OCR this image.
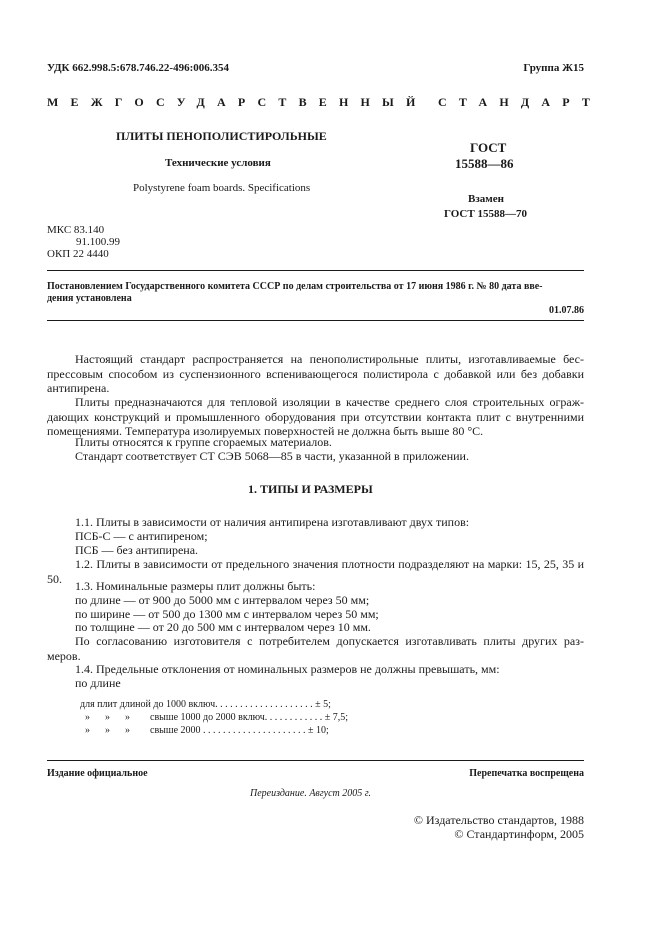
УДК 662.998.5:678.746.22-496:006.354	Группа Ж15
МЕЖГОСУДАРСТВЕННЫЙ СТАНДАРТ
ПЛИТЫ ПЕНОПОЛИСТИРОЛЬНЫЕ
Технические условия
Polystyrene foam boards. Specifications
ГОСТ
15588—86
Взамен
ГОСТ 15588—70
МКС 83.140
91.100.99
ОКП 22 4440
Постановлением Государственного комитета СССР по делам строительства от 17 июня 1986 г. № 80 дата вве-
дения установлена
01.07.86
Настоящий стандарт распространяется на пенополистирольные плиты, изготавливаемые бес-прессовым способом из суспензионного вспенивающегося полистирола с добавкой или без добавки антипирена.
Плиты предназначаются для тепловой изоляции в качестве среднего слоя строительных ограж-дающих конструкций и промышленного оборудования при отсутствии контакта плит с внутренними помещениями. Температура изолируемых поверхностей не должна быть выше 80 °С.
Плиты относятся к группе сгораемых материалов.
Стандарт соответствует СТ СЭВ 5068—85 в части, указанной в приложении.
1. ТИПЫ И РАЗМЕРЫ
1.1. Плиты в зависимости от наличия антипирена изготавливают двух типов:
ПСБ-С — с антипиреном;
ПСБ — без антипирена.
1.2. Плиты в зависимости от предельного значения плотности подразделяют на марки: 15, 25, 35 и 50.
1.3. Номинальные размеры плит должны быть:
по длине — от 900 до 5000 мм с интервалом через 50 мм;
по ширине — от 500 до 1300 мм с интервалом через 50 мм;
по толщине — от 20 до 500 мм с интервалом через 10 мм.
По согласованию изготовителя с потребителем допускается изготавливать плиты других раз-меров.
1.4. Предельные отклонения от номинальных размеров не должны превышать, мм:
по длине

для плит длиной до 1000 включ. . . . . . . . . . . . . . . . . . . . ± 5;

»      »      »        свыше 1000 до 2000 включ. . . . . . . . . . . . ± 7,5;

»      »      »        свыше 2000 . . . . . . . . . . . . . . . . . . . . . ± 10;

Издание официальное	Перепечатка воспрещена
Переиздание. Август 2005 г.
© Издательство стандартов, 1988
© Стандартинформ, 2005
